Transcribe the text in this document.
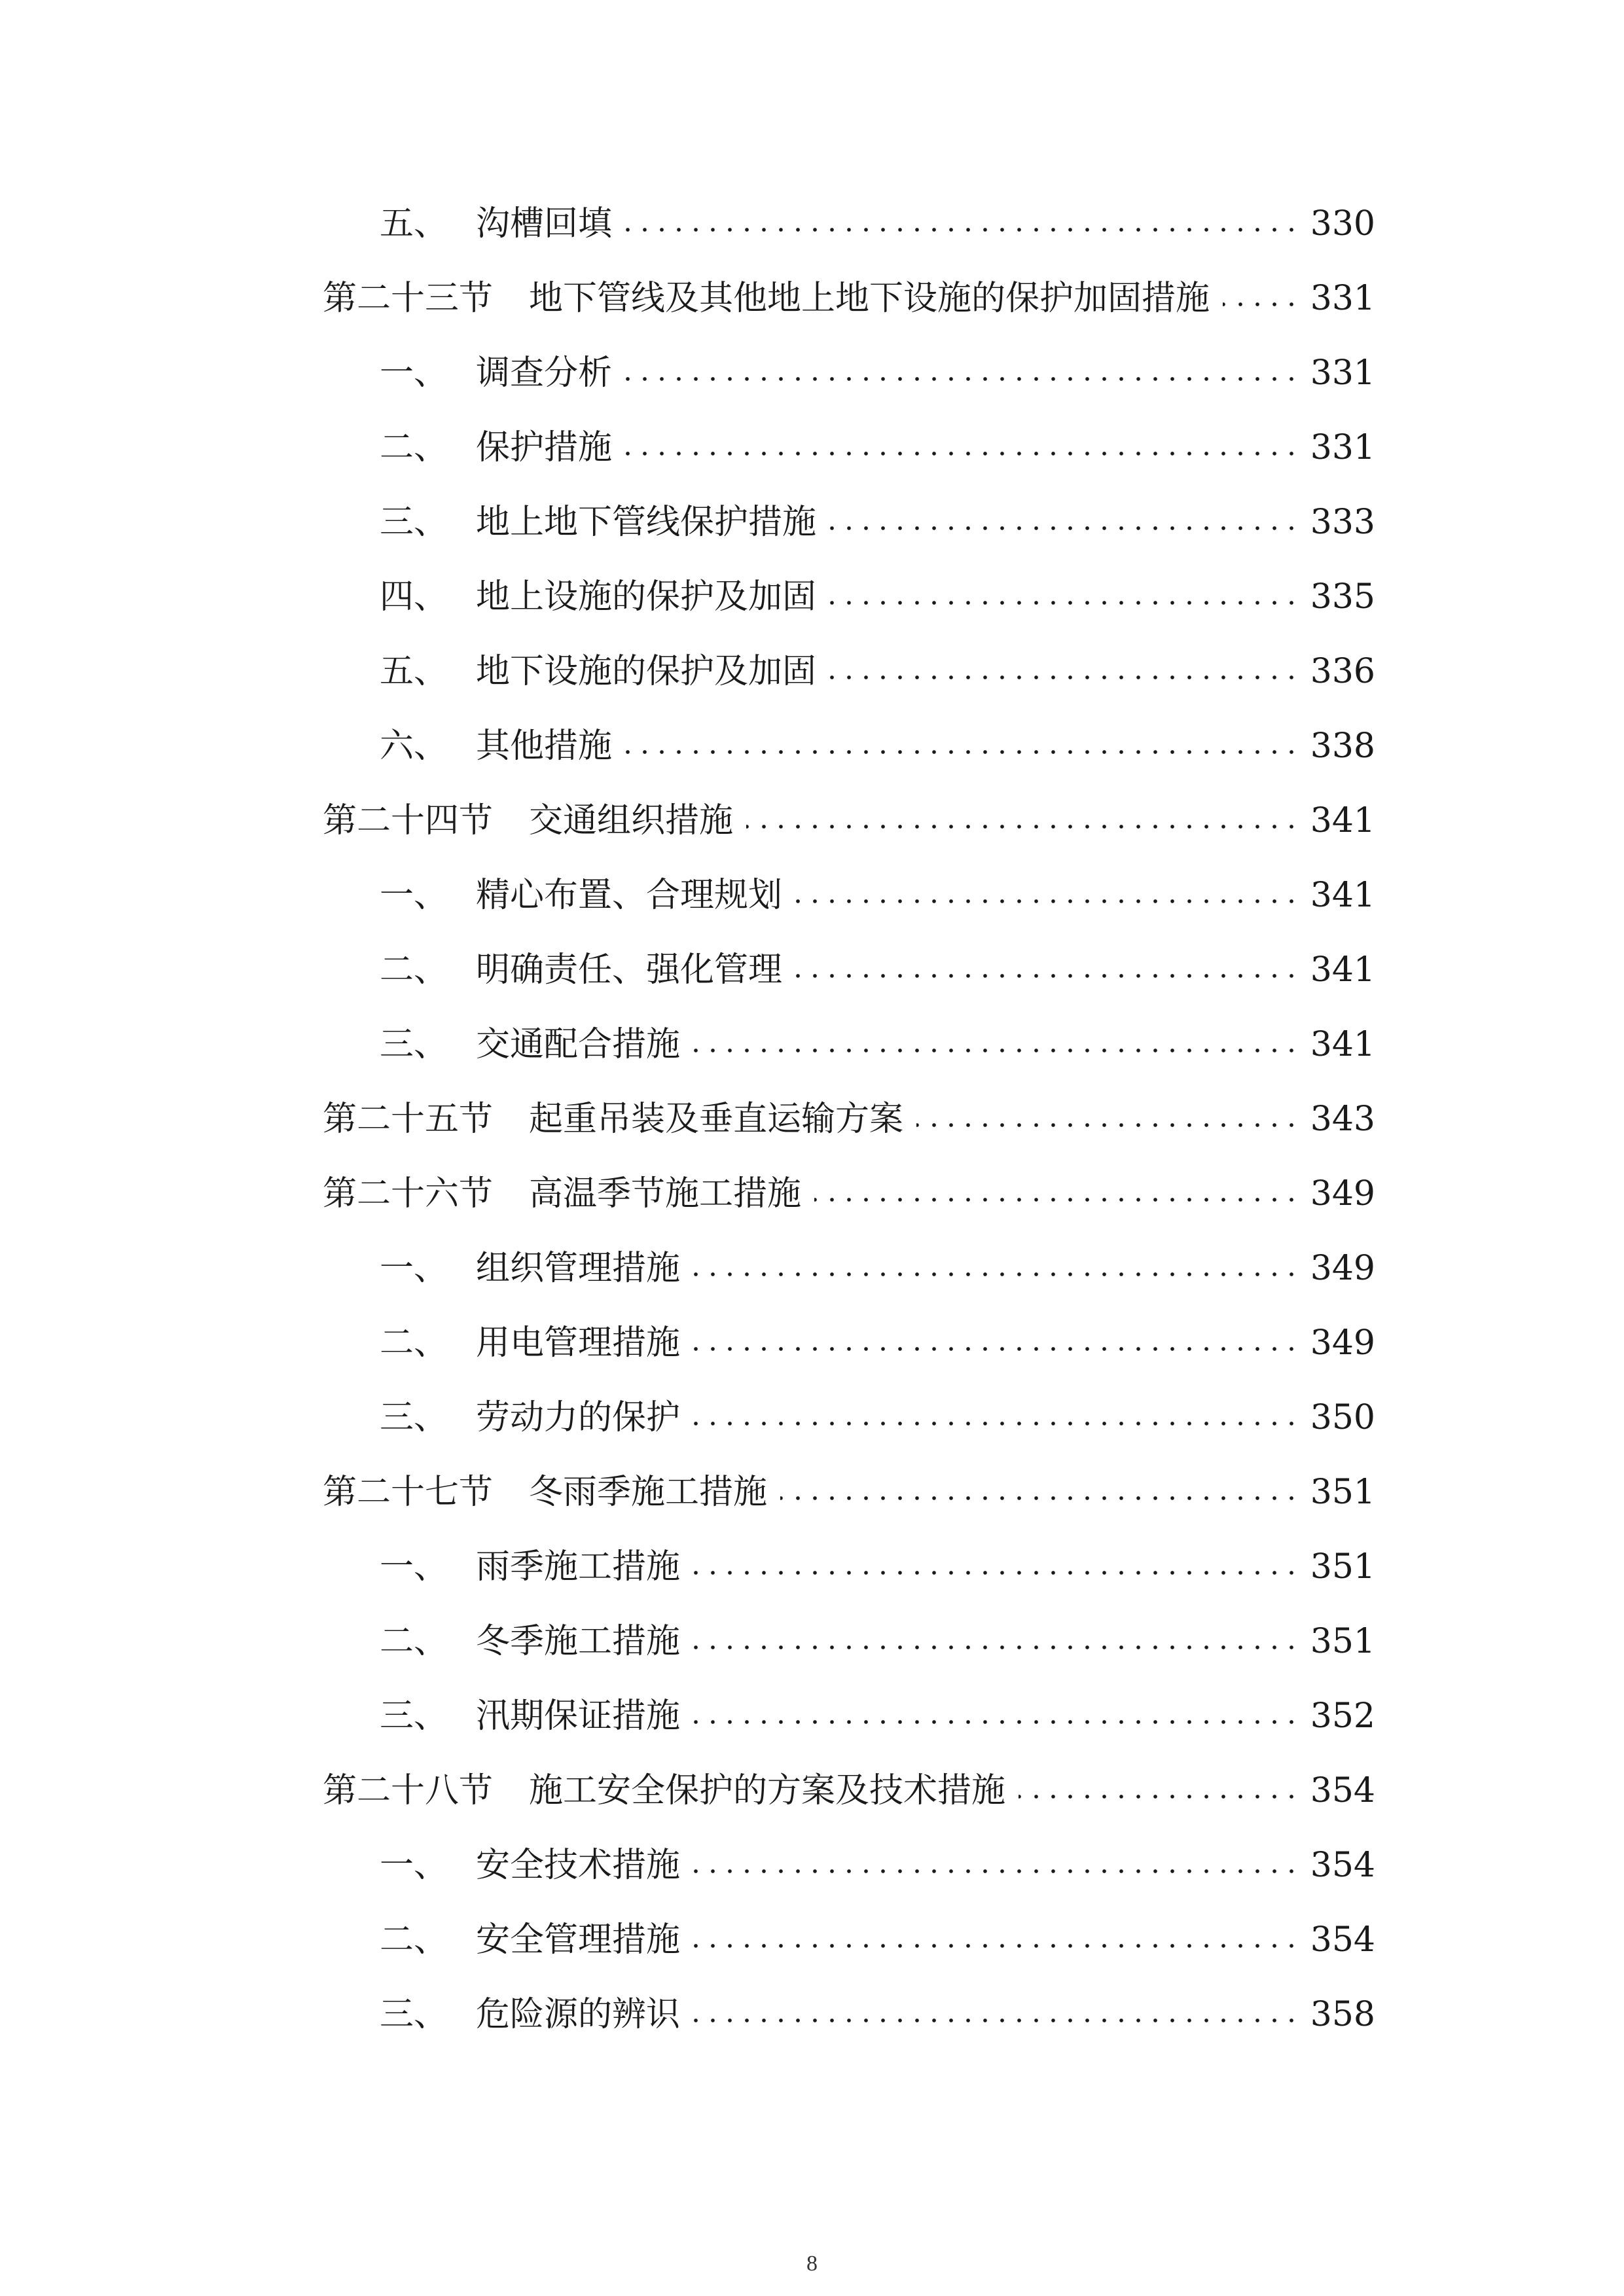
五、 沟槽回填	330
第二十三节 地下管线及其他地上地下设施的保护加固措施	331
一、 调查分析	331
二、 保护措施	331
三、 地上地下管线保护措施	333
四、 地上设施的保护及加固	335
五、 地下设施的保护及加固	336
六、 其他措施	338
第二十四节 交通组织措施	341
一、 精心布置、合理规划	341
二、 明确责任、强化管理	341
三、 交通配合措施	341
第二十五节 起重吊装及垂直运输方案	343
第二十六节 高温季节施工措施	349
一、 组织管理措施	349
二、 用电管理措施	349
三、 劳动力的保护	350
第二十七节 冬雨季施工措施	351
一、 雨季施工措施	351
二、 冬季施工措施	351
三、 汛期保证措施	352
第二十八节 施工安全保护的方案及技术措施	354
一、 安全技术措施	354
二、 安全管理措施	354
三、 危险源的辨识	358
8
